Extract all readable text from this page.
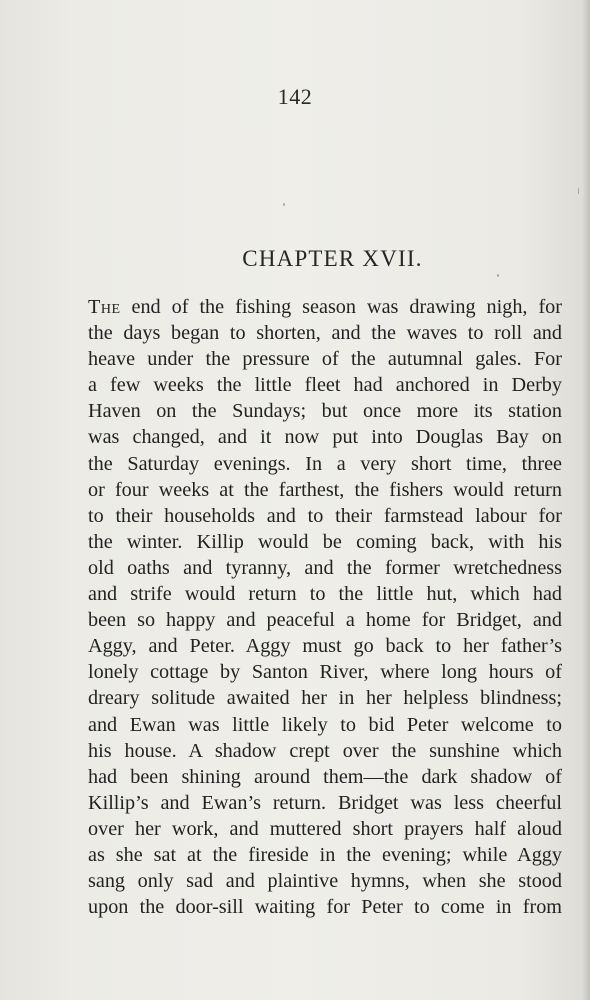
142
CHAPTER XVII.
The end of the fishing season was drawing nigh, for
the days began to shorten, and the waves to roll and
heave under the pressure of the autumnal gales. For
a few weeks the little fleet had anchored in Derby
Haven on the Sundays; but once more its station
was changed, and it now put into Douglas Bay on
the Saturday evenings. In a very short time, three
or four weeks at the farthest, the fishers would return
to their households and to their farmstead labour for
the winter. Killip would be coming back, with his
old oaths and tyranny, and the former wretchedness
and strife would return to the little hut, which had
been so happy and peaceful a home for Bridget, and
Aggy, and Peter. Aggy must go back to her father’s
lonely cottage by Santon River, where long hours of
dreary solitude awaited her in her helpless blindness;
and Ewan was little likely to bid Peter welcome to
his house. A shadow crept over the sunshine which
had been shining around them—the dark shadow of
Killip’s and Ewan’s return. Bridget was less cheerful
over her work, and muttered short prayers half aloud
as she sat at the fireside in the evening; while Aggy
sang only sad and plaintive hymns, when she stood
upon the door-sill waiting for Peter to come in from
